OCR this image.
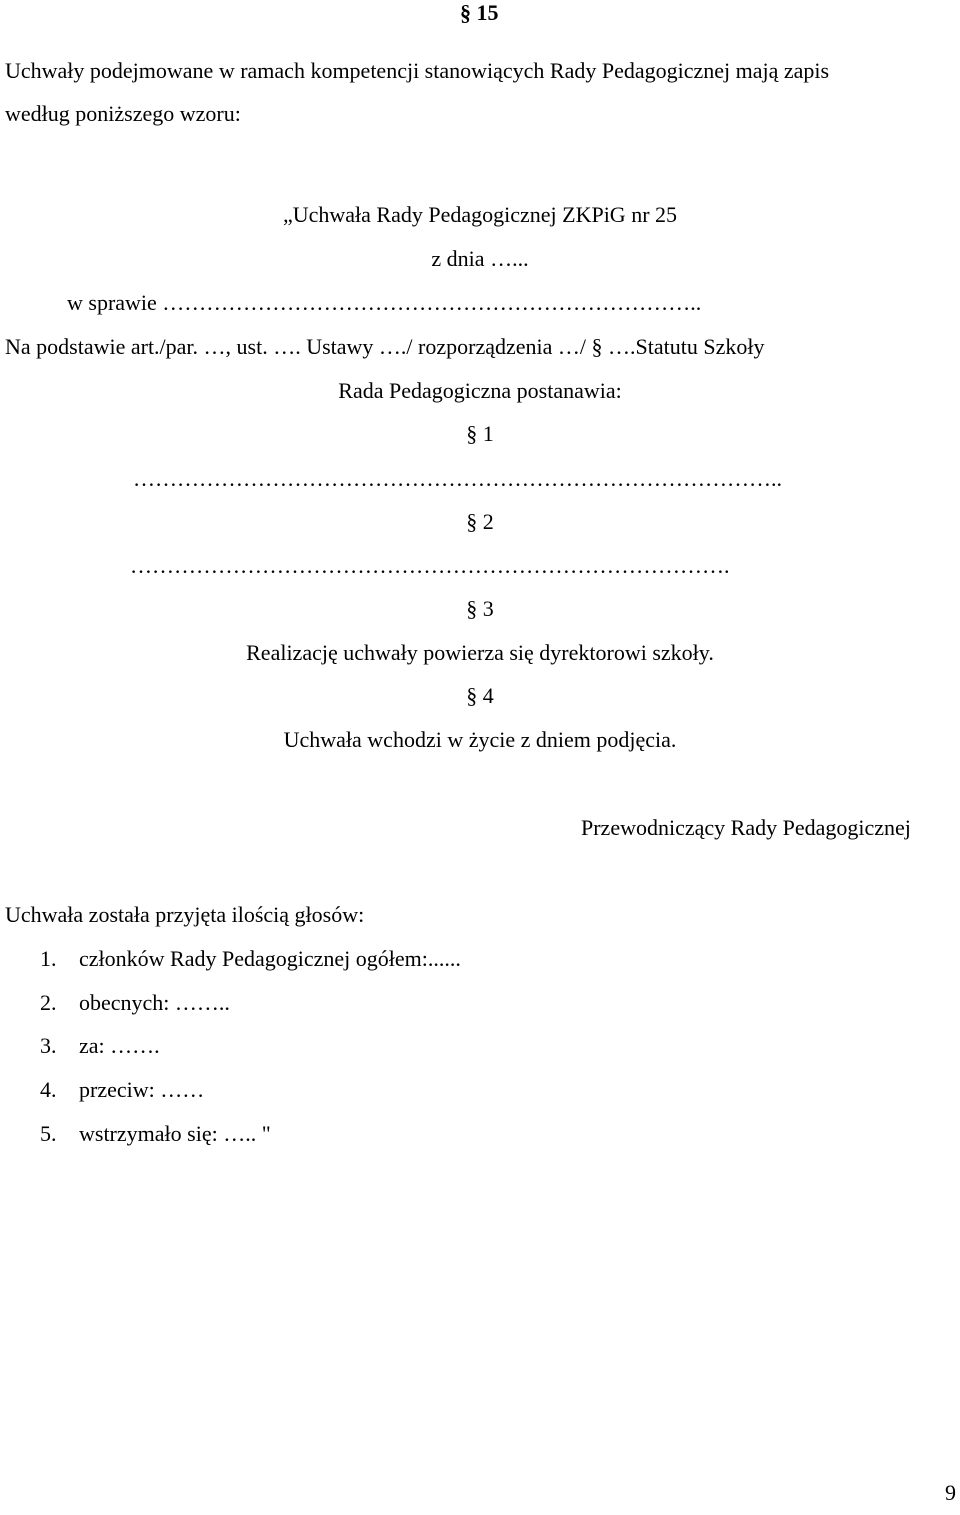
§ 15
Uchwały podejmowane w ramach kompetencji stanowiących Rady Pedagogicznej mają zapis
według poniższego wzoru:
„Uchwała Rady Pedagogicznej ZKPiG nr 25
z dnia …...
w sprawie ………………………………………………………………..
Na podstawie art./par. …, ust. …. Ustawy …./ rozporządzenia …/ § ….Statutu Szkoły
Rada Pedagogiczna postanawia:
§ 1
……………………………………………………………………………..
§ 2
……………………………………………………………………….
§ 3
Realizację uchwały powierza się dyrektorowi szkoły.
§ 4
Uchwała wchodzi w życie z dniem podjęcia.
Przewodniczący Rady Pedagogicznej
Uchwała została przyjęta ilością głosów:
1.	członków Rady Pedagogicznej ogółem:......
2.	obecnych: ……..
3.	za: …….
4.	przeciw: ……
5.	wstrzymało się: ….. "
9
